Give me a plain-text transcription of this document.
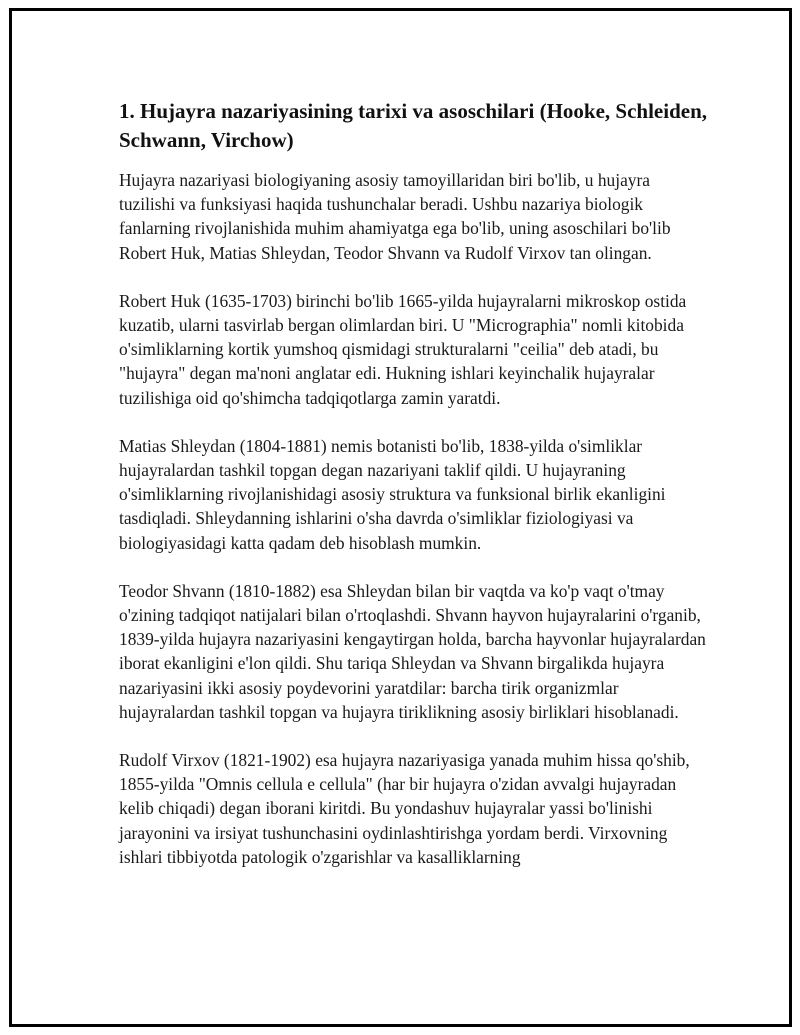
1. Hujayra nazariyasining tarixi va asoschilari (Hooke, Schleiden, Schwann, Virchow)

Hujayra nazariyasi biologiyaning asosiy tamoyillaridan biri bo'lib, u hujayra tuzilishi va funksiyasi haqida tushunchalar beradi. Ushbu nazariya biologik fanlarning rivojlanishida muhim ahamiyatga ega bo'lib, uning asoschilari bo'lib Robert Huk, Matias Shleydan, Teodor Shvann va Rudolf Virxov tan olingan.

Robert Huk (1635-1703) birinchi bo'lib 1665-yilda hujayralarni mikroskop ostida kuzatib, ularni tasvirlab bergan olimlardan biri. U "Micrographia" nomli kitobida o'simliklarning kortik yumshoq qismidagi strukturalarni "ceilia" deb atadi, bu "hujayra" degan ma'noni anglatar edi. Hukning ishlari keyinchalik hujayralar tuzilishiga oid qo'shimcha tadqiqotlarga zamin yaratdi.

Matias Shleydan (1804-1881) nemis botanisti bo'lib, 1838-yilda o'simliklar hujayralardan tashkil topgan degan nazariyani taklif qildi. U hujayraning o'simliklarning rivojlanishidagi asosiy struktura va funksional birlik ekanligini tasdiqladi. Shleydanning ishlarini o'sha davrda o'simliklar fiziologiyasi va biologiyasidagi katta qadam deb hisoblash mumkin.

Teodor Shvann (1810-1882) esa Shleydan bilan bir vaqtda va ko'p vaqt o'tmay o'zining tadqiqot natijalari bilan o'rtoqlashdi. Shvann hayvon hujayralarini o'rganib, 1839-yilda hujayra nazariyasini kengaytirgan holda, barcha hayvonlar hujayralardan iborat ekanligini e'lon qildi. Shu tariqa Shleydan va Shvann birgalikda hujayra nazariyasini ikki asosiy poydevorini yaratdilar: barcha tirik organizmlar hujayralardan tashkil topgan va hujayra tiriklikning asosiy birliklari hisoblanadi.

Rudolf Virxov (1821-1902) esa hujayra nazariyasiga yanada muhim hissa qo'shib, 1855-yilda "Omnis cellula e cellula" (har bir hujayra o'zidan avvalgi hujayradan kelib chiqadi) degan iborani kiritdi. Bu yondashuv hujayralar yassi bo'linishi jarayonini va irsiyat tushunchasini oydinlashtirishga yordam berdi. Virxovning ishlari tibbiyotda patologik o'zgarishlar va kasalliklarning
